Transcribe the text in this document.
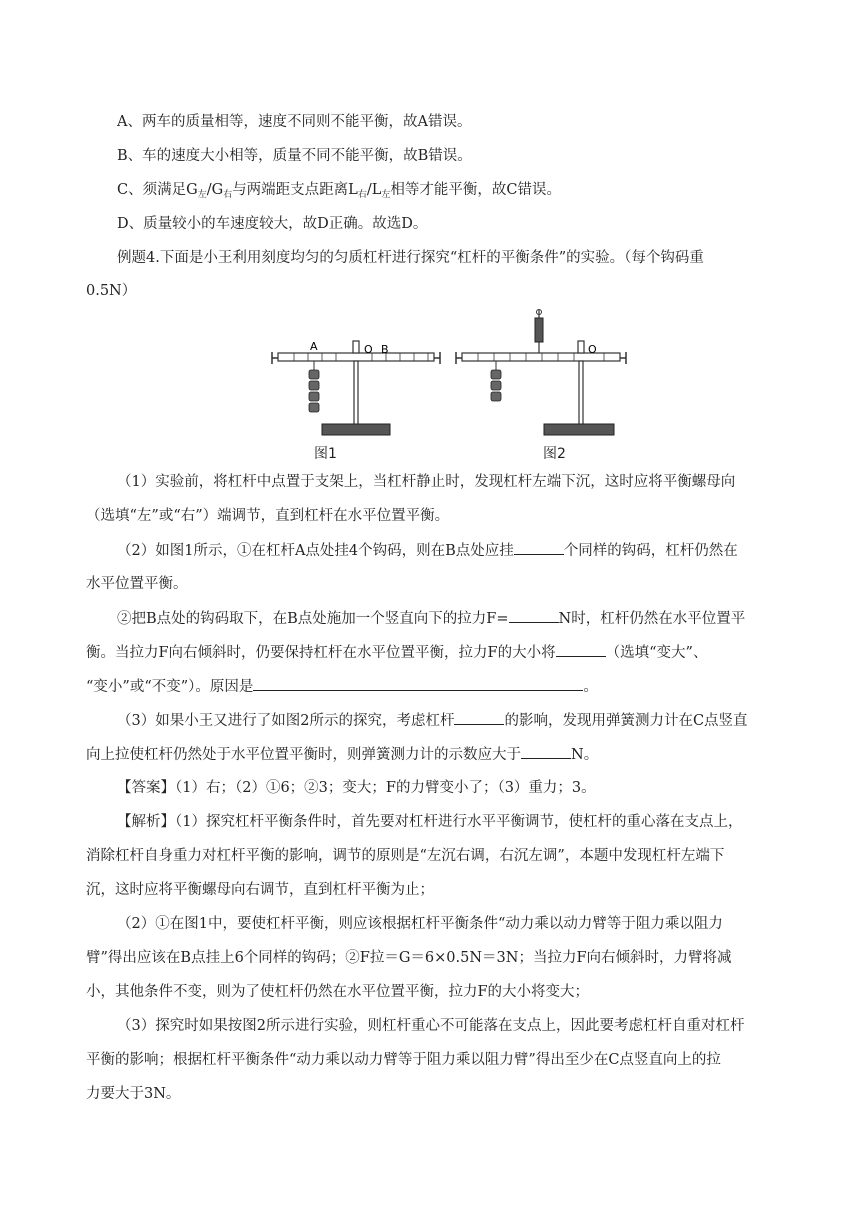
A、两车的质量相等，速度不同则不能平衡，故A错误。
B、车的速度大小相等，质量不同不能平衡，故B错误。
C、须满足$G_左/G_右$与两端距支点距离$L_右/L_左$相等才能平衡，故C错误。
D、质量较小的车速度较大，故D正确。故选D。
例题4.下面是小王利用刻度均匀的匀质杠杆进行探究“杠杆的平衡条件”的实验。（每个钩码重
0.5N）
A	O B	O
图1	图2
（1）实验前，将杠杆中点置于支架上，当杠杆静止时，发现杠杆左端下沉，这时应将平衡螺母向
（选填“左”或“右”）端调节，直到杠杆在水平位置平衡。
（2）如图1所示，①在杠杆A点处挂4个钩码，则在B点处应挂	个同样的钩码，杠杆仍然在
水平位置平衡。
②把B点处的钩码取下，在B点处施加一个竖直向下的拉力F=	N时，杠杆仍然在水平位置平
衡。当拉力F向右倾斜时，仍要保持杠杆在水平位置平衡，拉力F的大小将	（选填“变大”、
“变小”或“不变”）。原因是	。
（3）如果小王又进行了如图2所示的探究，考虑杠杆	的影响，发现用弹簧测力计在C点竖直
向上拉使杠杆仍然处于水平位置平衡时，则弹簧测力计的示数应大于	N。
【答案】（1）右；（2）①6；②3；变大；F的力臂变小了；（3）重力；3。
【解析】（1）探究杠杆平衡条件时，首先要对杠杆进行水平平衡调节，使杠杆的重心落在支点上，
消除杠杆自身重力对杠杆平衡的影响，调节的原则是“左沉右调，右沉左调”，本题中发现杠杆左端下
沉，这时应将平衡螺母向右调节，直到杠杆平衡为止；
（2）①在图1中，要使杠杆平衡，则应该根据杠杆平衡条件“动力乘以动力臂等于阻力乘以阻力
臂”得出应该在B点挂上6个同样的钩码；②F拉＝G＝6×0.5N＝3N；当拉力F向右倾斜时，力臂将减
小，其他条件不变，则为了使杠杆仍然在水平位置平衡，拉力F的大小将变大；
（3）探究时如果按图2所示进行实验，则杠杆重心不可能落在支点上，因此要考虑杠杆自重对杠杆
平衡的影响；根据杠杆平衡条件“动力乘以动力臂等于阻力乘以阻力臂”得出至少在C点竖直向上的拉
力要大于3N。
